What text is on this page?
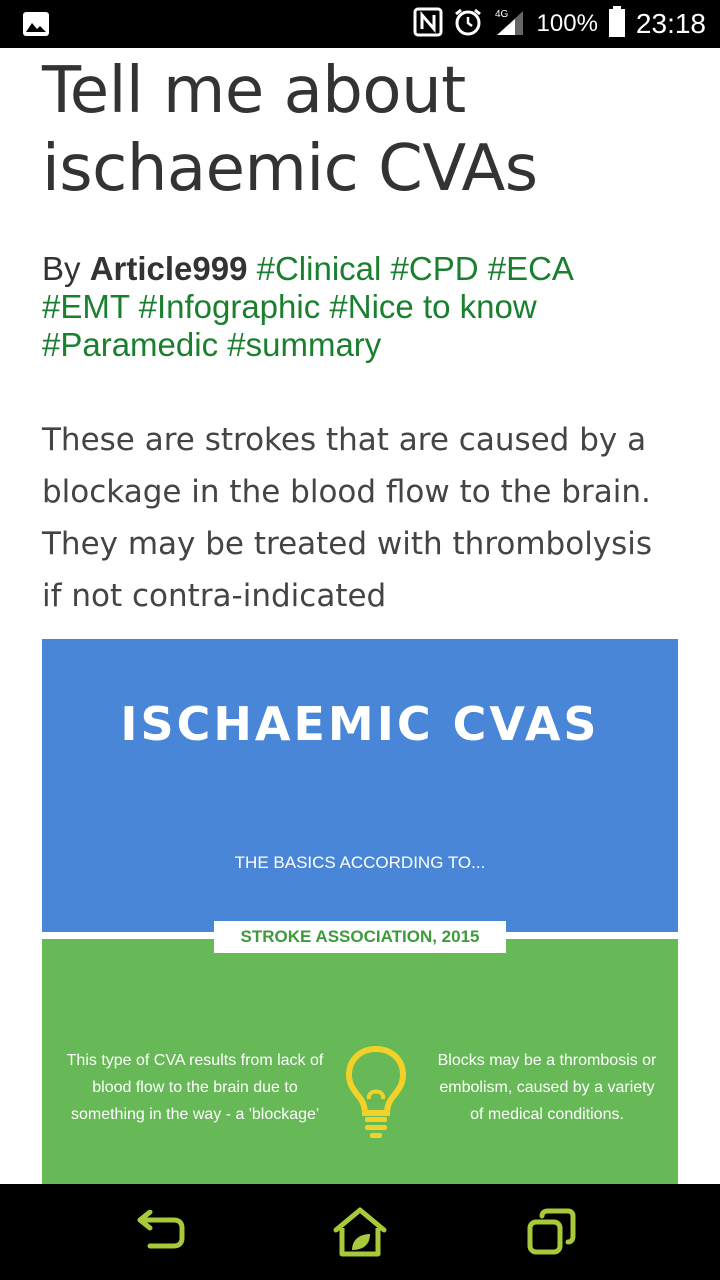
4G 100% 23:18
Tell me about
ischaemic CVAs
By Article999 #Clinical #CPD #ECA
#EMT #Infographic #Nice to know
#Paramedic #summary

These are strokes that are caused by a
blockage in the blood flow to the brain.
They may be treated with thrombolysis
if not contra-indicated

ISCHAEMIC CVAS
THE BASICS ACCORDING TO...
STROKE ASSOCIATION, 2015
This type of CVA results from lack of
blood flow to the brain due to
something in the way - a 'blockage'
Blocks may be a thrombosis or
embolism, caused by a variety
of medical conditions.
